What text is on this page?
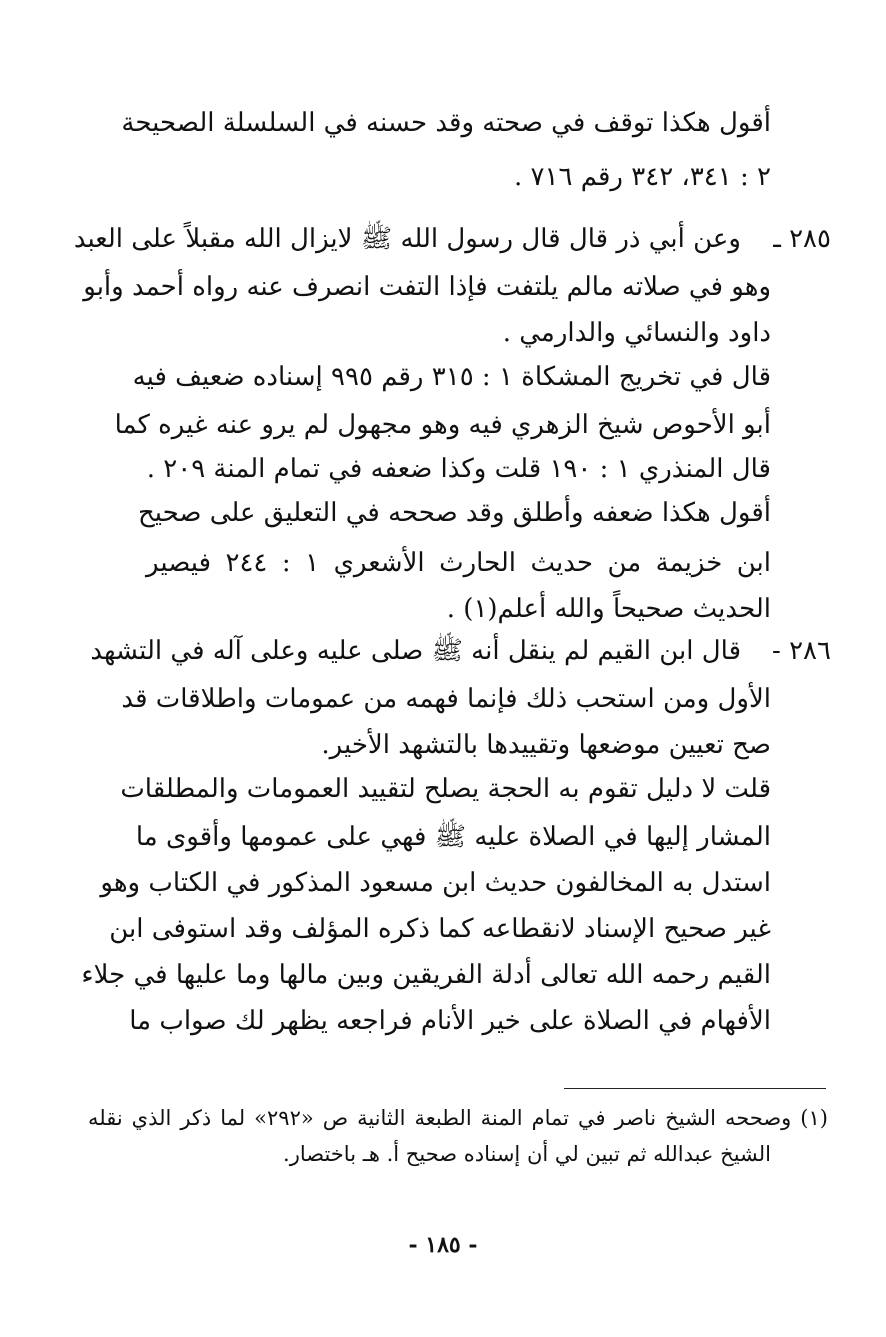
أقول هكذا توقف في صحته وقد حسنه في السلسلة الصحيحة
٢ : ٣٤١، ٣٤٢ رقم ٧١٦ .
٢٨٥ ـ
وعن أبي ذر قال قال رسول الله ﷺ لايزال الله مقبلاً على العبد
وهو في صلاته مالم يلتفت فإذا التفت انصرف عنه رواه أحمد وأبو
داود والنسائي والدارمي .
قال في تخريج المشكاة ١ : ٣١٥ رقم ٩٩٥ إسناده ضعيف فيه
أبو الأحوص شيخ الزهري فيه وهو مجهول لم يرو عنه غيره كما
قال المنذري ١ : ١٩٠ قلت وكذا ضعفه في تمام المنة ٢٠٩ .
أقول هكذا ضعفه وأطلق وقد صححه في التعليق على صحيح
ابن خزيمة من حديث الحارث الأشعري ١ : ٢٤٤ فيصير
الحديث صحيحاً والله أعلم(١) .
٢٨٦ -
قال ابن القيم لم ينقل أنه ﷺ صلى عليه وعلى آله في التشهد
الأول ومن استحب ذلك فإنما فهمه من عمومات واطلاقات قد
صح تعيين موضعها وتقييدها بالتشهد الأخير.
قلت لا دليل تقوم به الحجة يصلح لتقييد العمومات والمطلقات
المشار إليها في الصلاة عليه ﷺ فهي على عمومها وأقوى ما
استدل به المخالفون حديث ابن مسعود المذكور في الكتاب وهو
غير صحيح الإسناد لانقطاعه كما ذكره المؤلف وقد استوفى ابن
القيم رحمه الله تعالى أدلة الفريقين وبين مالها وما عليها في جلاء
الأفهام في الصلاة على خير الأنام فراجعه يظهر لك صواب ما
(١) وصححه الشيخ ناصر في تمام المنة الطبعة الثانية ص «٢٩٢» لما ذكر الذي نقله
الشيخ عبدالله ثم تبين لي أن إسناده صحيح أ. هـ باختصار.
- ١٨٥ -
